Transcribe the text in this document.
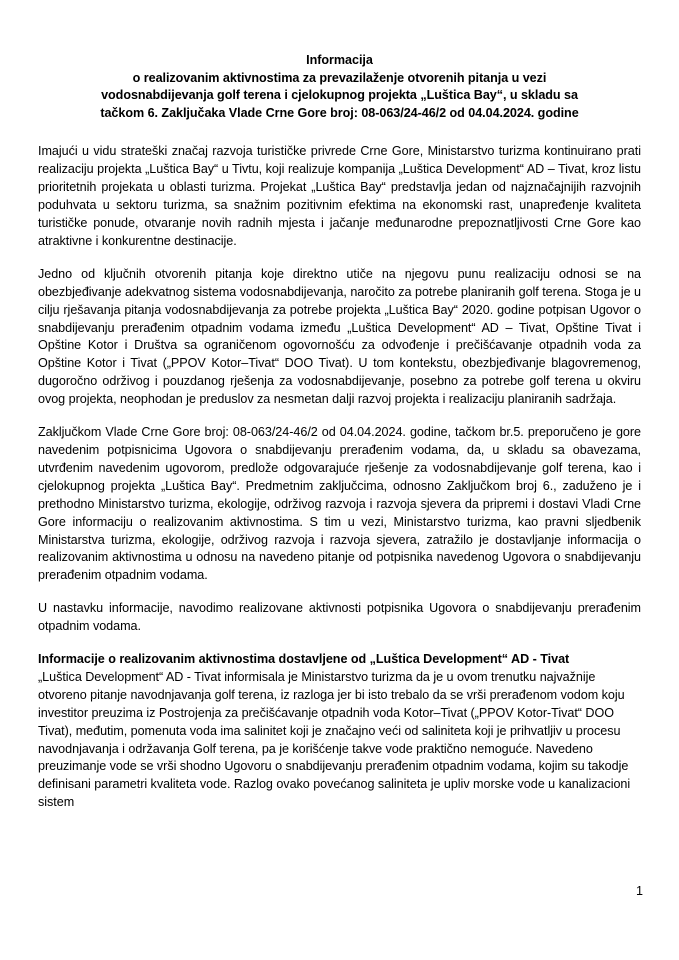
Informacija
o realizovanim aktivnostima za prevazilaženje otvorenih pitanja u vezi
vodosnabdijevanja golf terena i cjelokupnog projekta „Luštica Bay“, u skladu sa
tačkom 6. Zaključaka Vlade Crne Gore broj: 08-063/24-46/2 od 04.04.2024. godine

Imajući u vidu strateški značaj razvoja turističke privrede Crne Gore, Ministarstvo turizma kontinuirano prati realizaciju projekta „Luštica Bay“ u Tivtu, koji realizuje kompanija „Luštica Development“ AD – Tivat, kroz listu prioritetnih projekata u oblasti turizma. Projekat „Luštica Bay“ predstavlja jedan od najznačajnijih razvojnih poduhvata u sektoru turizma, sa snažnim pozitivnim efektima na ekonomski rast, unapređenje kvaliteta turističke ponude, otvaranje novih radnih mjesta i jačanje međunarodne prepoznatljivosti Crne Gore kao atraktivne i konkurentne destinacije.

Jedno od ključnih otvorenih pitanja koje direktno utiče na njegovu punu realizaciju odnosi se na obezbjeđivanje adekvatnog sistema vodosnabdijevanja, naročito za potrebe planiranih golf terena. Stoga je u cilju rješavanja pitanja vodosnabdijevanja za potrebe projekta „Luštica Bay“ 2020. godine potpisan Ugovor o snabdijevanju prerađenim otpadnim vodama između „Luštica Development“ AD – Tivat, Opštine Tivat i Opštine Kotor i Društva sa ograničenom ogovornošću za odvođenje i prečišćavanje otpadnih voda za Opštine Kotor i Tivat („PPOV Kotor–Tivat“ DOO Tivat). U tom kontekstu, obezbjeđivanje blagovremenog, dugoročno održivog i pouzdanog rješenja za vodosnabdijevanje, posebno za potrebe golf terena u okviru ovog projekta, neophodan je preduslov za nesmetan dalji razvoj projekta i realizaciju planiranih sadržaja.

Zaključkom Vlade Crne Gore broj: 08-063/24-46/2 od 04.04.2024. godine, tačkom br.5. preporučeno je gore navedenim potpisnicima Ugovora o snabdijevanju prerađenim vodama, da, u skladu sa obavezama, utvrđenim navedenim ugovorom, predlože odgovarajuće rješenje za vodosnabdijevanje golf terena, kao i cjelokupnog projekta „Luštica Bay“. Predmetnim zaključcima, odnosno Zaključkom broj 6., zaduženo je i prethodno Ministarstvo turizma, ekologije, održivog razvoja i razvoja sjevera da pripremi i dostavi Vladi Crne Gore informaciju o realizovanim aktivnostima. S tim u vezi, Ministarstvo turizma, kao pravni sljedbenik Ministarstva turizma, ekologije, održivog razvoja i razvoja sjevera, zatražilo je dostavljanje informacija o realizovanim aktivnostima u odnosu na navedeno pitanje od potpisnika navedenog Ugovora o snabdijevanju prerađenim otpadnim vodama.

U nastavku informacije, navodimo realizovane aktivnosti potpisnika Ugovora o snabdijevanju prerađenim otpadnim vodama.

Informacije o realizovanim aktivnostima dostavljene od „Luštica Development“ AD - Tivat

„Luštica Development“ AD - Tivat informisala je Ministarstvo turizma da je u ovom trenutku najvažnije otvoreno pitanje navodnjavanja golf terena, iz razloga jer bi isto trebalo da se vrši prerađenom vodom koju investitor preuzima iz Postrojenja za prečišćavanje otpadnih voda Kotor–Tivat („PPOV Kotor-Tivat“ DOO Tivat), međutim, pomenuta voda ima salinitet koji je značajno veći od saliniteta koji je prihvatljiv u procesu navodnjavanja i održavanja Golf terena, pa je korišćenje takve vode praktično nemoguće. Navedeno preuzimanje vode se vrši shodno Ugovoru o snabdijevanju prerađenim otpadnim vodama, kojim su takodje definisani parametri kvaliteta vode. Razlog ovako povećanog saliniteta je upliv morske vode u kanalizacioni sistem

1
